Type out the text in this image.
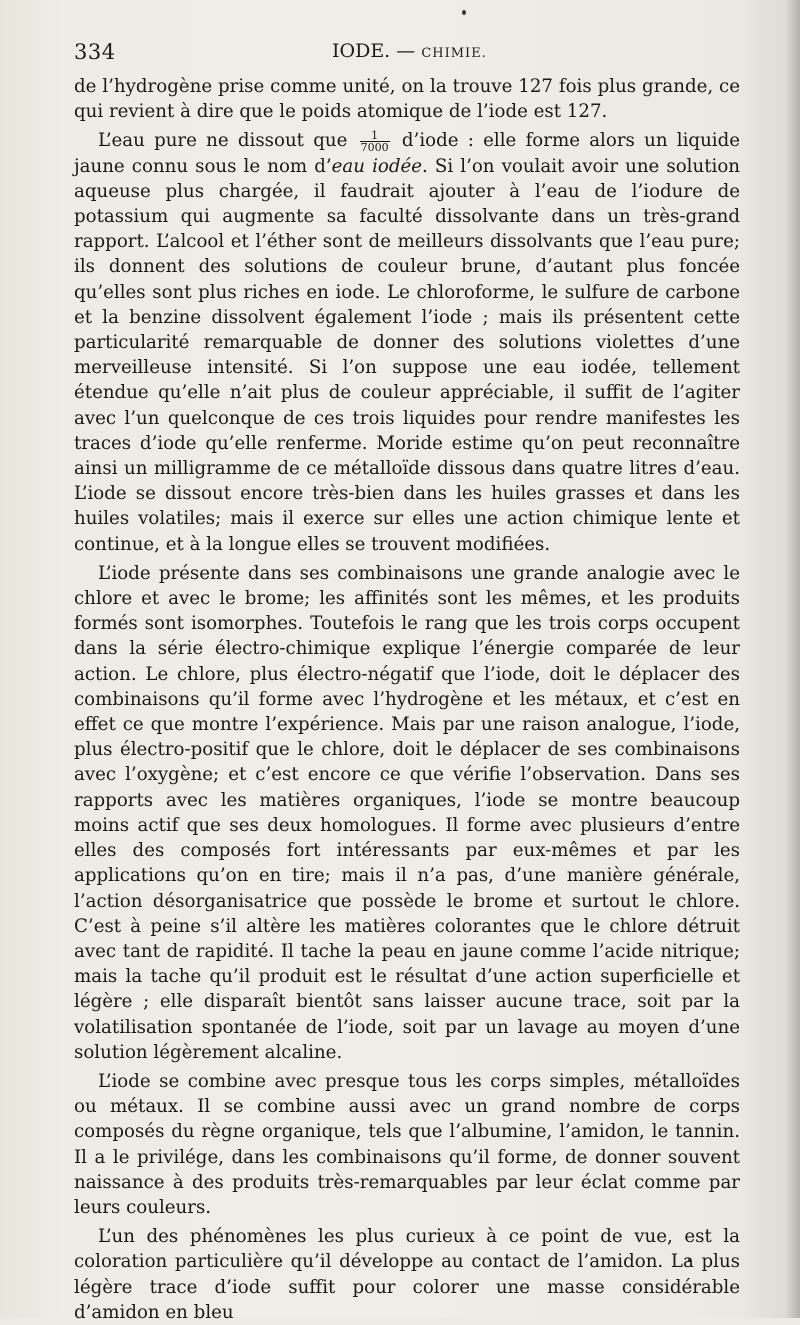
334	IODE. — CHIMIE.

de l’hydrogène prise comme unité, on la trouve 127 fois plus grande, ce qui revient à dire que le poids atomique de l’iode est 127.

L’eau pure ne dissout que $\frac{1}{7000}$ d’iode : elle forme alors un liquide jaune connu sous le nom d’eau iodée. Si l’on voulait avoir une solution aqueuse plus chargée, il faudrait ajouter à l’eau de l’iodure de potassium qui augmente sa faculté dissolvante dans un très-grand rapport. L’alcool et l’éther sont de meilleurs dissolvants que l’eau pure; ils donnent des solutions de couleur brune, d’autant plus foncée qu’elles sont plus riches en iode. Le chloroforme, le sulfure de carbone et la benzine dissolvent également l’iode ; mais ils présentent cette particularité remarquable de donner des solutions violettes d’une merveilleuse intensité. Si l’on suppose une eau iodée, tellement étendue qu’elle n’ait plus de couleur appréciable, il suffit de l’agiter avec l’un quelconque de ces trois liquides pour rendre manifestes les traces d’iode qu’elle renferme. Moride estime qu’on peut reconnaître ainsi un milligramme de ce métalloïde dissous dans quatre litres d’eau. L’iode se dissout encore très-bien dans les huiles grasses et dans les huiles volatiles; mais il exerce sur elles une action chimique lente et continue, et à la longue elles se trouvent modifiées.

L’iode présente dans ses combinaisons une grande analogie avec le chlore et avec le brome; les affinités sont les mêmes, et les produits formés sont isomorphes. Toutefois le rang que les trois corps occupent dans la série électro-chimique explique l’énergie comparée de leur action. Le chlore, plus électro-négatif que l’iode, doit le déplacer des combinaisons qu’il forme avec l’hydrogène et les métaux, et c’est en effet ce que montre l’expérience. Mais par une raison analogue, l’iode, plus électro-positif que le chlore, doit le déplacer de ses combinaisons avec l’oxygène; et c’est encore ce que vérifie l’observation. Dans ses rapports avec les matières organiques, l’iode se montre beaucoup moins actif que ses deux homologues. Il forme avec plusieurs d’entre elles des composés fort intéressants par eux-mêmes et par les applications qu’on en tire; mais il n’a pas, d’une manière générale, l’action désorganisatrice que possède le brome et surtout le chlore. C’est à peine s’il altère les matières colorantes que le chlore détruit avec tant de rapidité. Il tache la peau en jaune comme l’acide nitrique; mais la tache qu’il produit est le résultat d’une action superficielle et légère ; elle disparaît bientôt sans laisser aucune trace, soit par la volatilisation spontanée de l’iode, soit par un lavage au moyen d’une solution légèrement alcaline.

L’iode se combine avec presque tous les corps simples, métalloïdes ou métaux. Il se combine aussi avec un grand nombre de corps composés du règne organique, tels que l’albumine, l’amidon, le tannin. Il a le privilége, dans les combinaisons qu’il forme, de donner souvent naissance à des produits très-remarquables par leur éclat comme par leurs couleurs.

L’un des phénomènes les plus curieux à ce point de vue, est la coloration particulière qu’il développe au contact de l’amidon. La plus légère trace d’iode suffit pour colorer une masse considérable d’amidon en bleu
